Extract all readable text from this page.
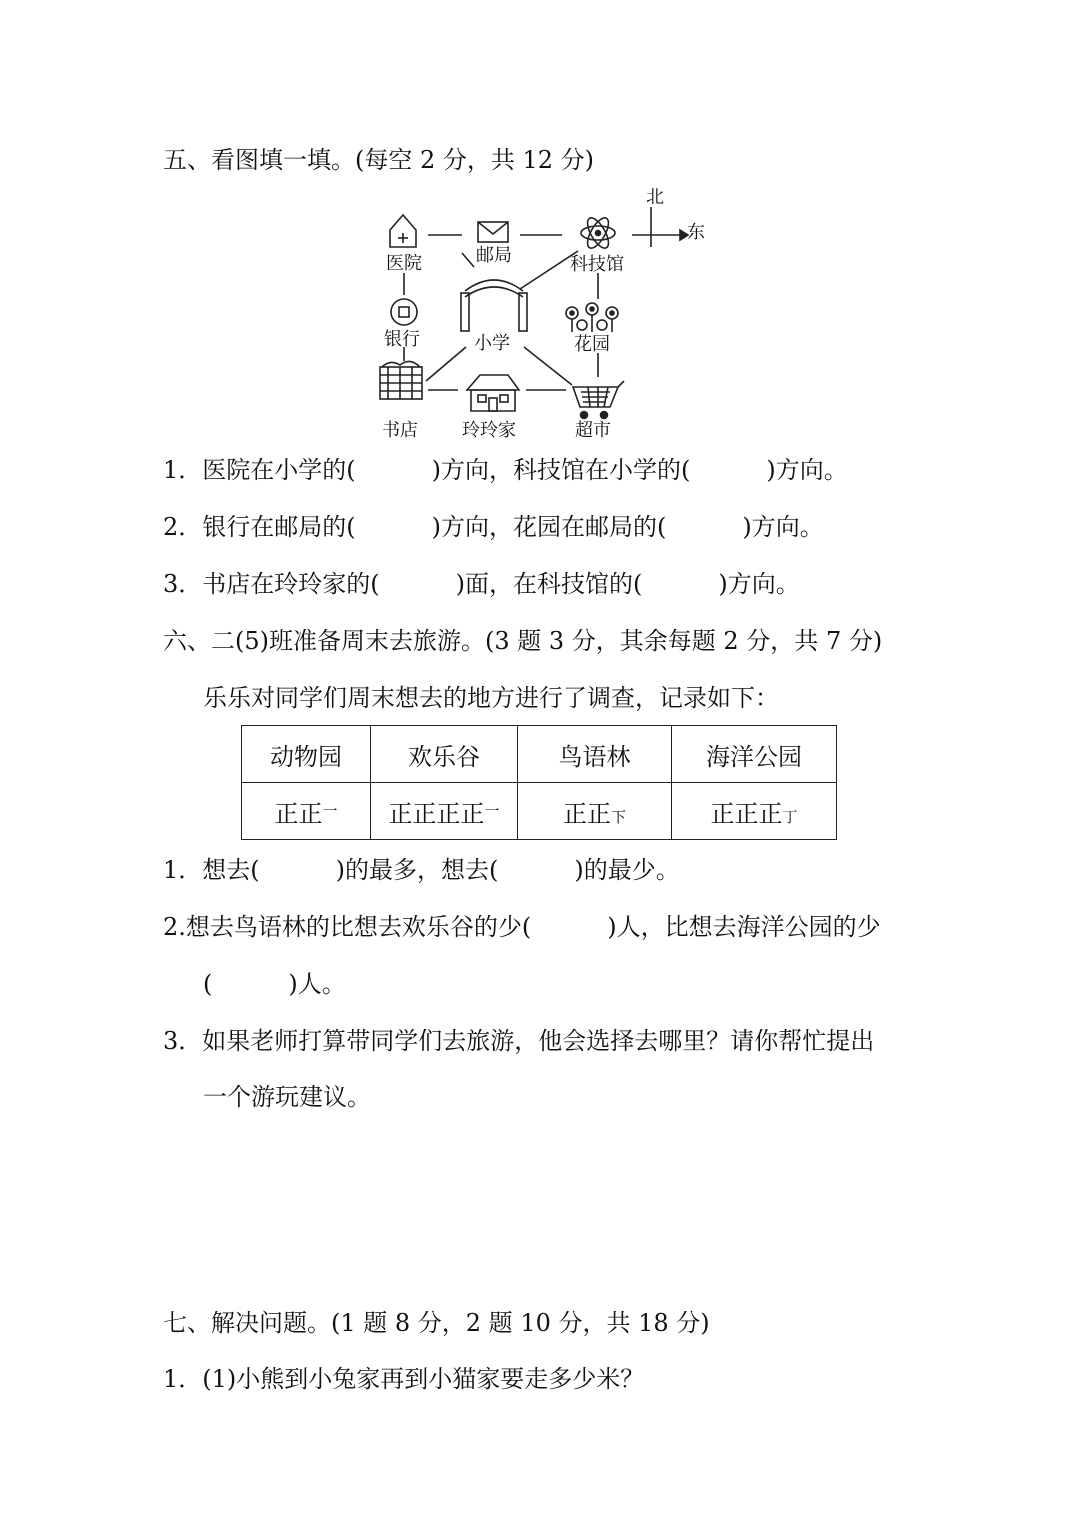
五、看图填一填。(每空 2 分，共 12 分)
北
东
医院	邮局	科技馆
银行	小学	花园
书店 玲玲家	超市
1．医院在小学的(	)方向，科技馆在小学的(	)方向。
2．银行在邮局的(	)方向，花园在邮局的(	)方向。
3．书店在玲玲家的(	)面，在科技馆的(	)方向。
六、二(5)班准备周末去旅游。(3 题 3 分，其余每题 2 分，共 7 分)
乐乐对同学们周末想去的地方进行了调查，记录如下：
动物园	欢乐谷	鸟语林	海洋公园
正正$^一$	正正正正$^一$	正正下	正正正丁
1．想去(	)的最多，想去(	)的最少。
2.想去鸟语林的比想去欢乐谷的少(	)人，比想去海洋公园的少
(	)人。
3．如果老师打算带同学们去旅游，他会选择去哪里？请你帮忙提出
一个游玩建议。
七、解决问题。(1 题 8 分，2 题 10 分，共 18 分)
1．(1)小熊到小兔家再到小猫家要走多少米？
